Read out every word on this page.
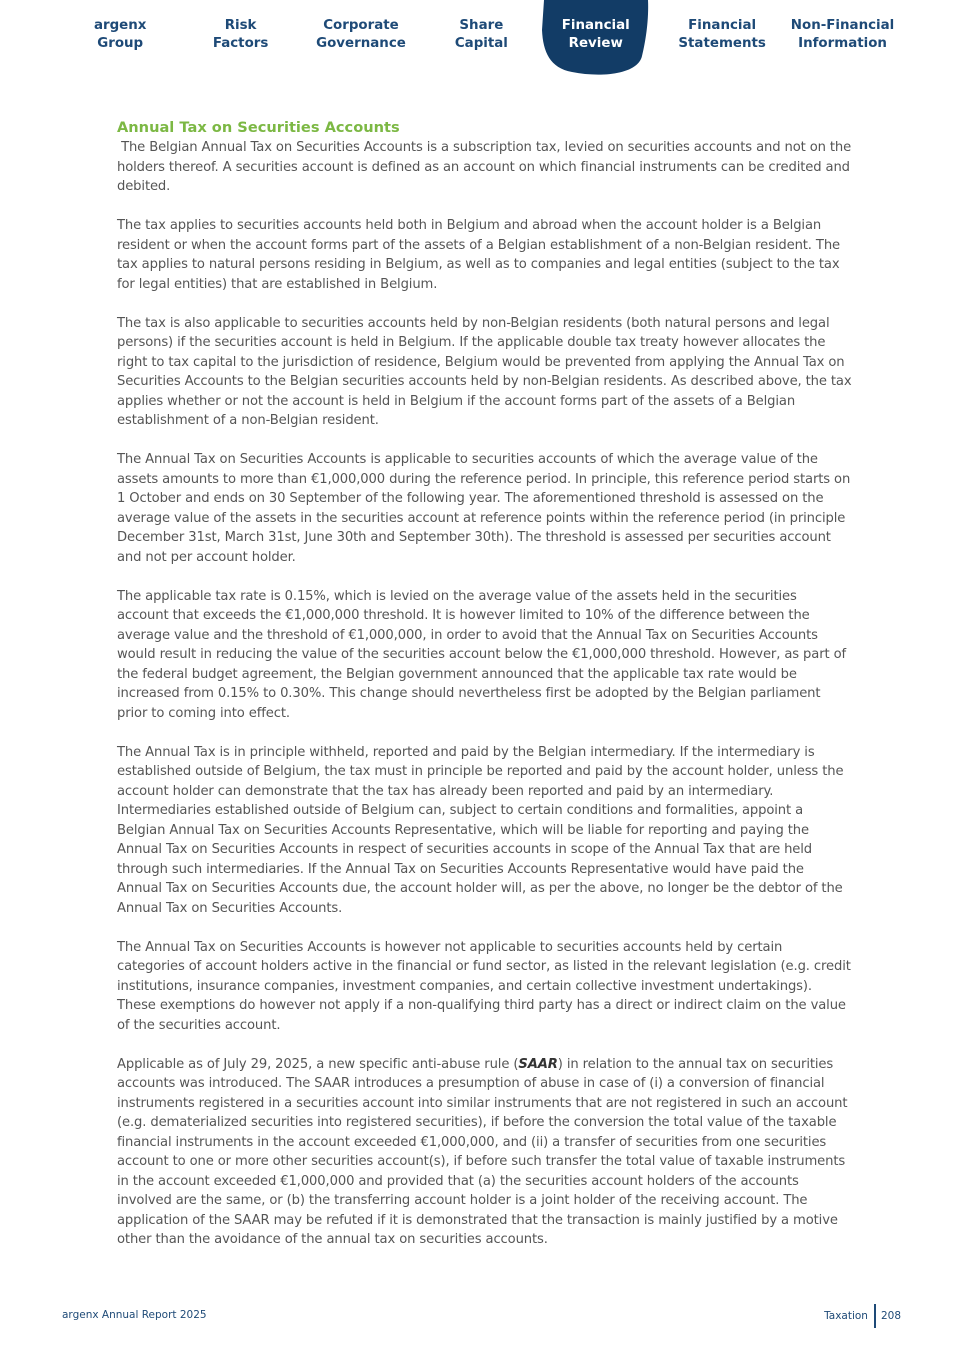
argenx
Group
Risk
Factors
Corporate
Governance
Share
Capital
Financial
Review
Financial
Statements
Non-Financial
Information
Annual Tax on Securities Accounts

The Belgian Annual Tax on Securities Accounts is a subscription tax, levied on securities accounts and not on the holders thereof. A securities account is defined as an account on which financial instruments can be credited and debited.

The tax applies to securities accounts held both in Belgium and abroad when the account holder is a Belgian resident or when the account forms part of the assets of a Belgian establishment of a non-Belgian resident. The tax applies to natural persons residing in Belgium, as well as to companies and legal entities (subject to the tax for legal entities) that are established in Belgium.

The tax is also applicable to securities accounts held by non-Belgian residents (both natural persons and legal persons) if the securities account is held in Belgium. If the applicable double tax treaty however allocates the right to tax capital to the jurisdiction of residence, Belgium would be prevented from applying the Annual Tax on Securities Accounts to the Belgian securities accounts held by non-Belgian residents. As described above, the tax applies whether or not the account is held in Belgium if the account forms part of the assets of a Belgian establishment of a non-Belgian resident.

The Annual Tax on Securities Accounts is applicable to securities accounts of which the average value of the assets amounts to more than €1,000,000 during the reference period. In principle, this reference period starts on 1 October and ends on 30 September of the following year. The aforementioned threshold is assessed on the average value of the assets in the securities account at reference points within the reference period (in principle December 31st, March 31st, June 30th and September 30th). The threshold is assessed per securities account and not per account holder.

The applicable tax rate is 0.15%, which is levied on the average value of the assets held in the securities account that exceeds the €1,000,000 threshold. It is however limited to 10% of the difference between the average value and the threshold of €1,000,000, in order to avoid that the Annual Tax on Securities Accounts would result in reducing the value of the securities account below the €1,000,000 threshold. However, as part of the federal budget agreement, the Belgian government announced that the applicable tax rate would be increased from 0.15% to 0.30%. This change should nevertheless first be adopted by the Belgian parliament prior to coming into effect.

The Annual Tax is in principle withheld, reported and paid by the Belgian intermediary. If the intermediary is established outside of Belgium, the tax must in principle be reported and paid by the account holder, unless the account holder can demonstrate that the tax has already been reported and paid by an intermediary. Intermediaries established outside of Belgium can, subject to certain conditions and formalities, appoint a Belgian Annual Tax on Securities Accounts Representative, which will be liable for reporting and paying the Annual Tax on Securities Accounts in respect of securities accounts in scope of the Annual Tax that are held through such intermediaries. If the Annual Tax on Securities Accounts Representative would have paid the Annual Tax on Securities Accounts due, the account holder will, as per the above, no longer be the debtor of the Annual Tax on Securities Accounts.

The Annual Tax on Securities Accounts is however not applicable to securities accounts held by certain categories of account holders active in the financial or fund sector, as listed in the relevant legislation (e.g. credit institutions, insurance companies, investment companies, and certain collective investment undertakings). These exemptions do however not apply if a non-qualifying third party has a direct or indirect claim on the value of the securities account.

Applicable as of July 29, 2025, a new specific anti-abuse rule (SAAR) in relation to the annual tax on securities accounts was introduced. The SAAR introduces a presumption of abuse in case of (i) a conversion of financial instruments registered in a securities account into similar instruments that are not registered in such an account (e.g. dematerialized securities into registered securities), if before the conversion the total value of the taxable financial instruments in the account exceeded €1,000,000, and (ii) a transfer of securities from one securities account to one or more other securities account(s), if before such transfer the total value of taxable instruments in the account exceeded €1,000,000 and provided that (a) the securities account holders of the accounts involved are the same, or (b) the transferring account holder is a joint holder of the receiving account. The application of the SAAR may be refuted if it is demonstrated that the transaction is mainly justified by a motive other than the avoidance of the annual tax on securities accounts.

argenx Annual Report 2025	Taxation 208
